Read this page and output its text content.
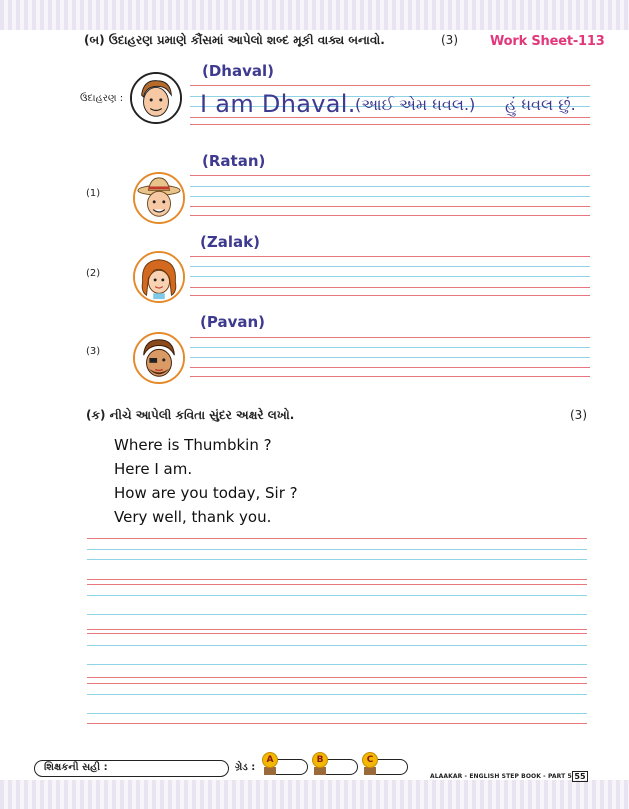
(બ) ઉદાહરણ પ્રમાણે કૌંસમાં આપેલો શબ્દ મૂકી વાક્ય બનાવો.	(3) Work Sheet-113
ઉદાહરણ :
(Dhaval)
I am Dhaval. (આઈ એમ ધવલ.) હું ધવલ છું.
(1)
(Ratan)
(2)
(Zalak)
(3)
(Pavan)
(ક) નીચે આપેલી કવિતા સુંદર અક્ષરે લખો.	(3)
Where is Thumbkin ?
Here I am.
How are you today, Sir ?
Very well, thank you.
શિક્ષકની સહી :	ગ્રેડ :
A	B	C
ALAAKAR - ENGLISH STEP BOOK - PART 5 55
